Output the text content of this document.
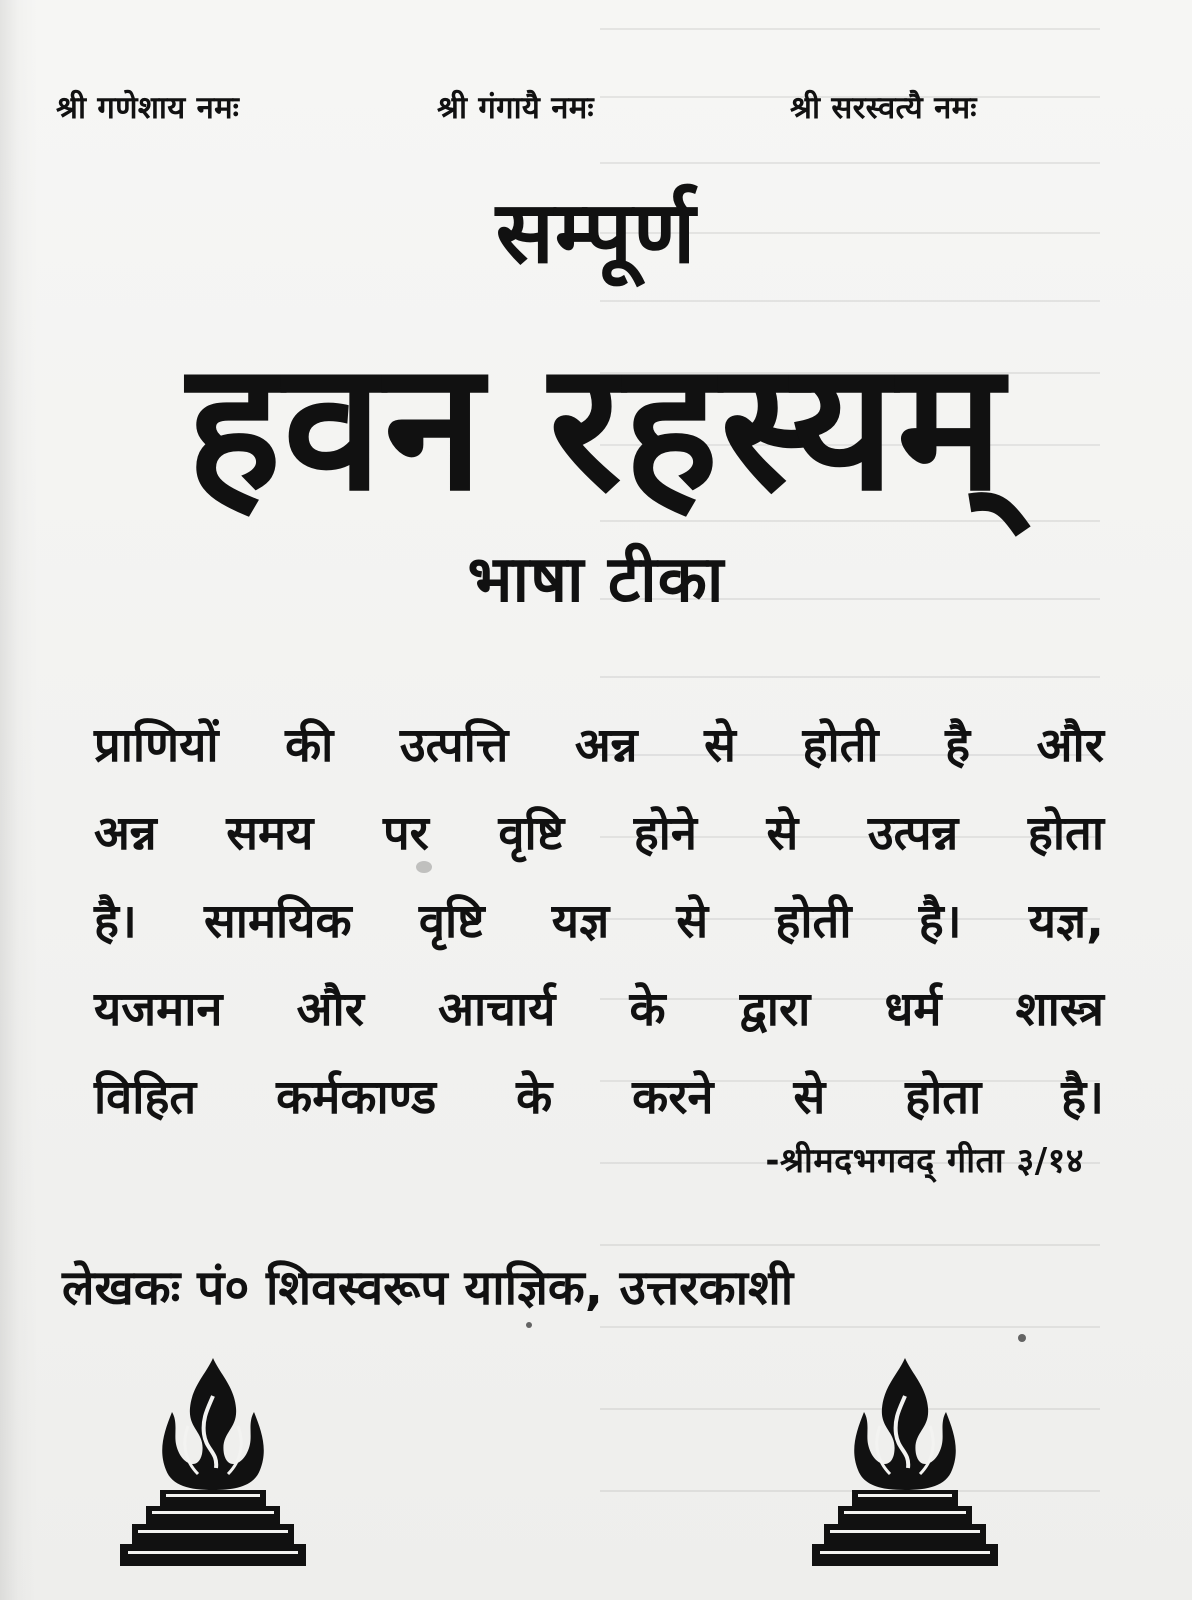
श्री गणेशाय नमः	श्री गंगायै नमः	श्री सरस्वत्यै नमः
सम्पूर्ण
हवन रहस्यम्
भाषा टीका
प्राणियों की उत्पत्ति अन्न से होती है और
अन्न समय पर वृष्टि होने से उत्पन्न होता
है। सामयिक वृष्टि यज्ञ से होती है। यज्ञ,
यजमान और आचार्य के द्वारा धर्म शास्त्र
विहित कर्मकाण्ड के करने से होता है।
-श्रीमदभगवद् गीता ३/१४
लेखकः पं० शिवस्वरूप याज्ञिक, उत्तरकाशी
